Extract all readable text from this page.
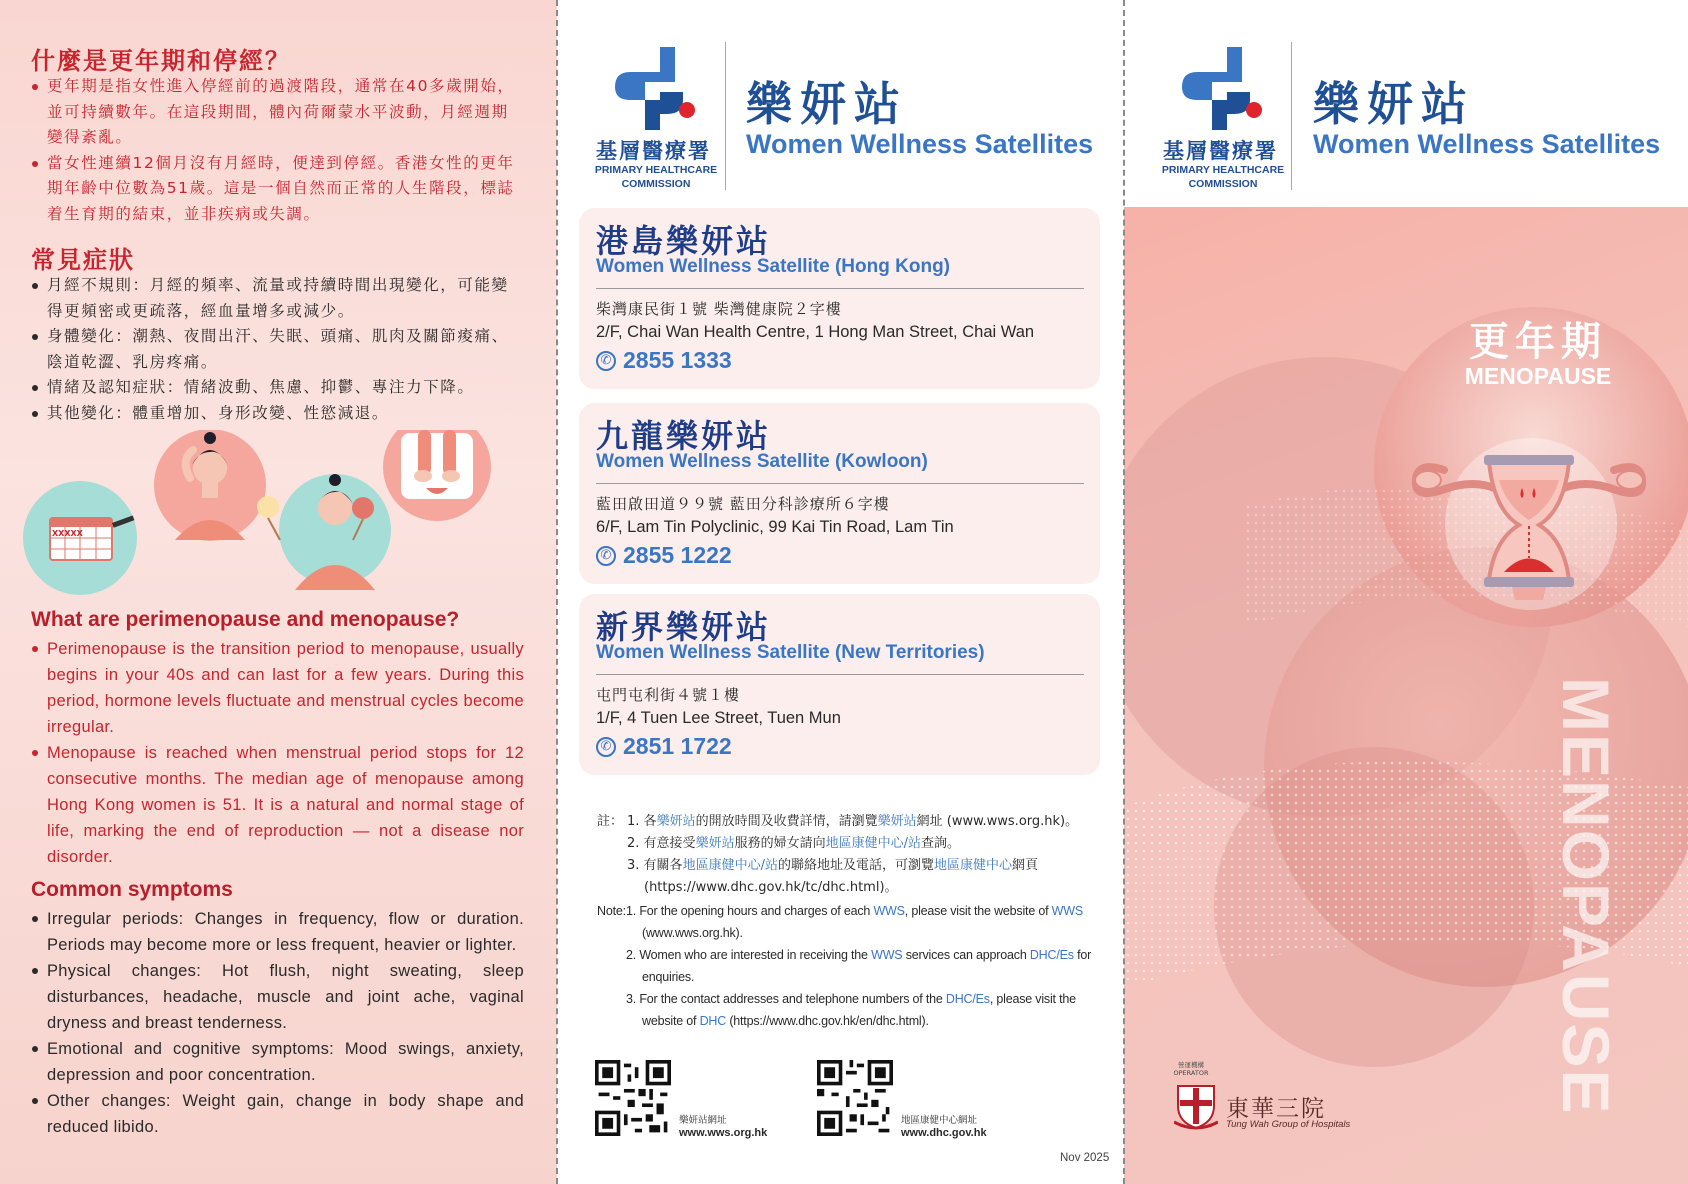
什麼是更年期和停經？
更年期是指女性進入停經前的過渡階段，通常在40多歲開始，並可持續數年。在這段期間，體內荷爾蒙水平波動，月經週期變得紊亂。
當女性連續12個月沒有月經時，便達到停經。香港女性的更年期年齡中位數為51歲。這是一個自然而正常的人生階段，標誌着生育期的結束，並非疾病或失調。
常見症狀
月經不規則：月經的頻率、流量或持續時間出現變化，可能變得更頻密或更疏落，經血量增多或減少。
身體變化：潮熱、夜間出汗、失眠、頭痛、肌肉及關節痠痛、陰道乾澀、乳房疼痛。
情緒及認知症狀：情緒波動、焦慮、抑鬱、專注力下降。
其他變化：體重增加、身形改變、性慾減退。
XXXXX
What are perimenopause and menopause?
Perimenopause is the transition period to menopause, usually begins in your 40s and can last for a few years. During this period, hormone levels fluctuate and menstrual cycles become irregular.
Menopause is reached when menstrual period stops for 12 consecutive months. The median age of menopause among Hong Kong women is 51. It is a natural and normal stage of life, marking the end of reproduction — not a disease nor disorder.
Common symptoms
Irregular periods: Changes in frequency, flow or duration. Periods may become more or less frequent, heavier or lighter.
Physical changes: Hot flush, night sweating, sleep disturbances, headache, muscle and joint ache, vaginal dryness and breast tenderness.
Emotional and cognitive symptoms: Mood swings, anxiety, depression and poor concentration.
Other changes: Weight gain, change in body shape and reduced libido.
基層醫療署
PRIMARY HEALTHCARE
COMMISSION
樂妍站
Women Wellness Satellites
港島樂妍站
Women Wellness Satellite (Hong Kong)
柴灣康民街１號 柴灣健康院２字樓
2/F, Chai Wan Health Centre, 1 Hong Man Street, Chai Wan
✆ 2855 1333
九龍樂妍站
Women Wellness Satellite (Kowloon)
藍田啟田道９９號 藍田分科診療所６字樓
6/F, Lam Tin Polyclinic, 99 Kai Tin Road, Lam Tin
✆ 2855 1222
新界樂妍站
Women Wellness Satellite (New Territories)
屯門屯利街４號１樓
1/F, 4 Tuen Lee Street, Tuen Mun
✆ 2851 1722
註： 1. 各樂妍站的開放時間及收費詳情，請瀏覽樂妍站網址 (www.wws.org.hk)。
2. 有意接受樂妍站服務的婦女請向地區康健中心/站查詢。
3. 有關各地區康健中心/站的聯絡地址及電話，可瀏覽地區康健中心網頁
(https://www.dhc.gov.hk/tc/dhc.html)。
Note: 1. For the opening hours and charges of each WWS, please visit the website of WWS
(www.wws.org.hk).
2. Women who are interested in receiving the WWS services can approach DHC/Es for
enquiries.
3. For the contact addresses and telephone numbers of the DHC/Es, please visit the
website of DHC (https://www.dhc.gov.hk/en/dhc.html).
樂妍站網址
www.wws.org.hk
地區康健中心網址
www.dhc.gov.hk
Nov 2025
基層醫療署
PRIMARY HEALTHCARE
COMMISSION
樂妍站
Women Wellness Satellites
更年期
MENOPAUSE
MENOPAUSE
營運機構
OPERATOR
東華三院
Tung Wah Group of Hospitals
